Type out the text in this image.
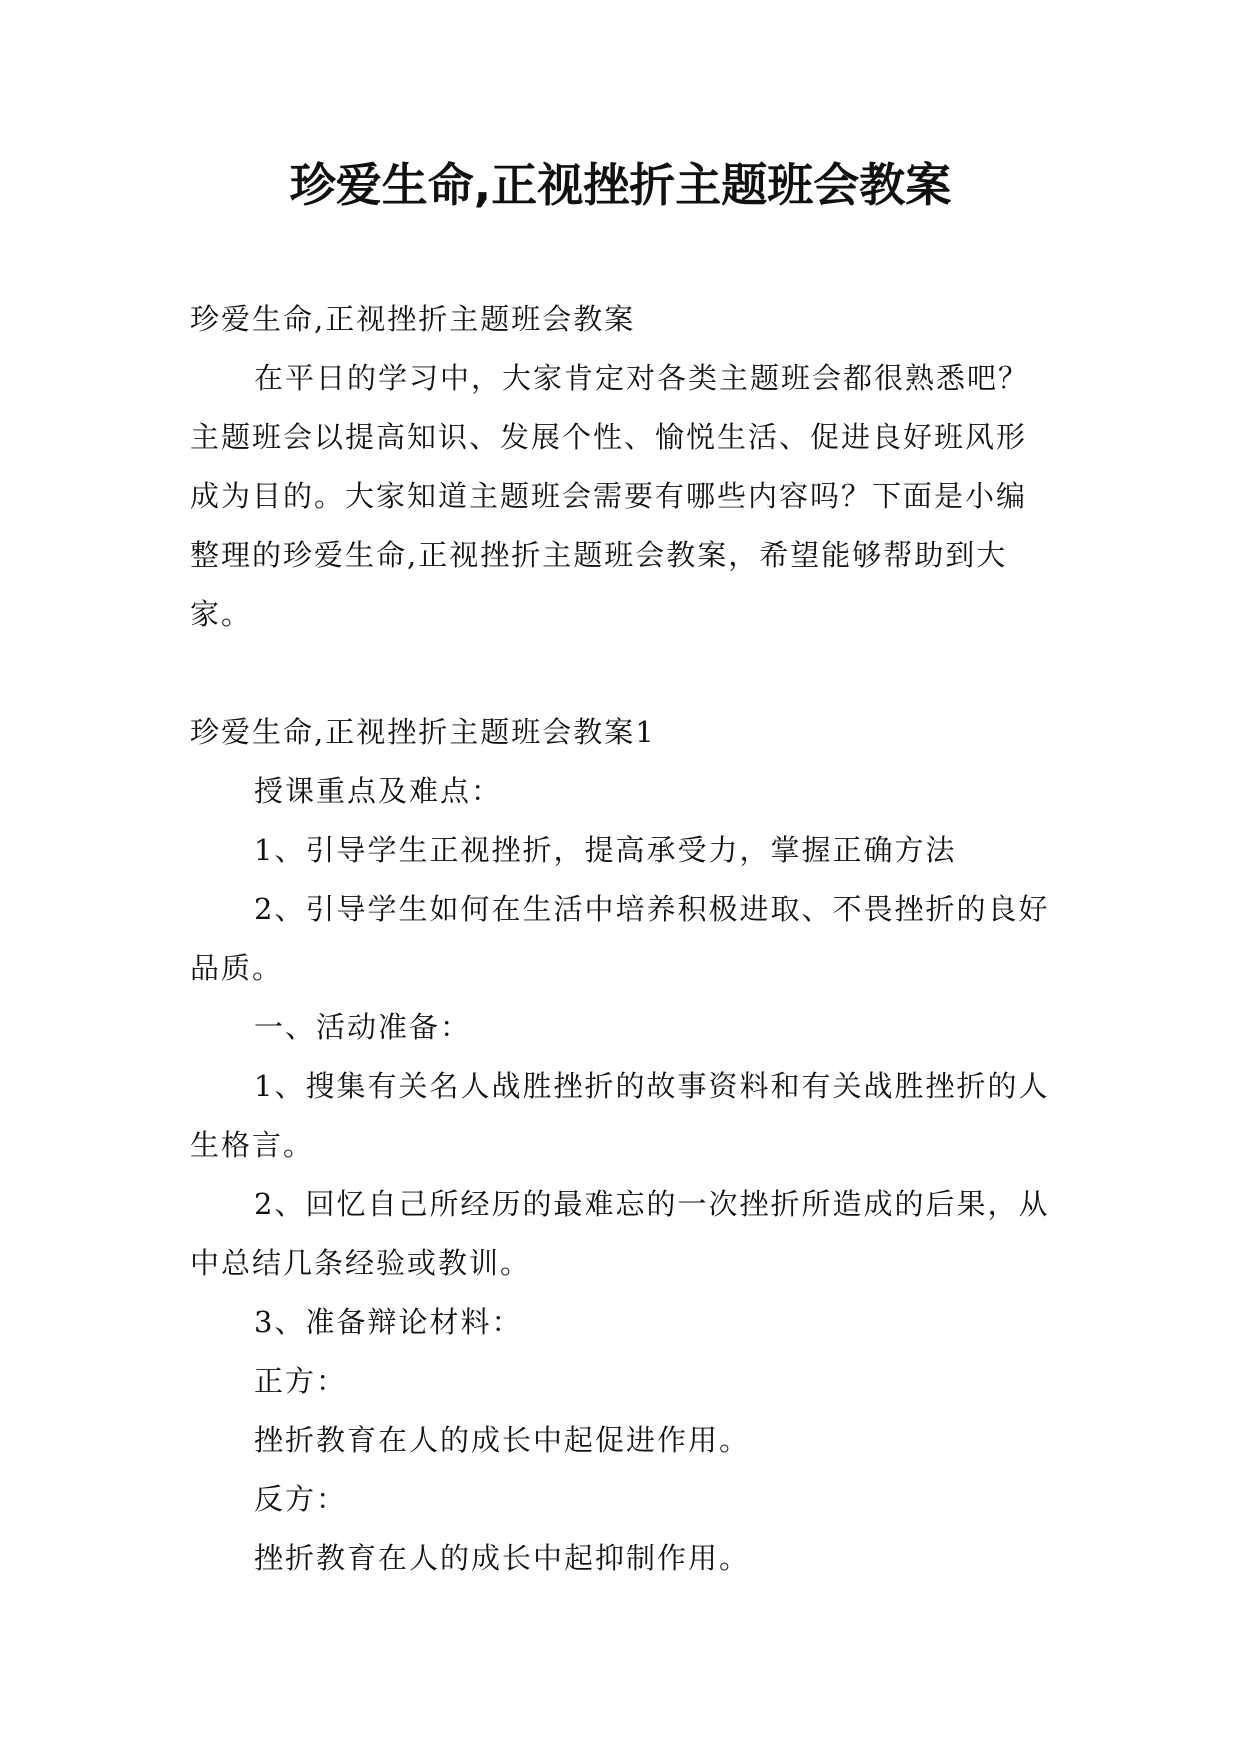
珍爱生命,正视挫折主题班会教案

珍爱生命,正视挫折主题班会教案

在平日的学习中，大家肯定对各类主题班会都很熟悉吧？主题班会以提高知识、发展个性、愉悦生活、促进良好班风形成为目的。大家知道主题班会需要有哪些内容吗？下面是小编整理的珍爱生命,正视挫折主题班会教案，希望能够帮助到大家。

珍爱生命,正视挫折主题班会教案1

授课重点及难点：

1、引导学生正视挫折，提高承受力，掌握正确方法

2、引导学生如何在生活中培养积极进取、不畏挫折的良好品质。

一、活动准备：

1、搜集有关名人战胜挫折的故事资料和有关战胜挫折的人生格言。

2、回忆自己所经历的最难忘的一次挫折所造成的后果，从中总结几条经验或教训。

3、准备辩论材料：

正方：

挫折教育在人的成长中起促进作用。

反方：

挫折教育在人的成长中起抑制作用。
